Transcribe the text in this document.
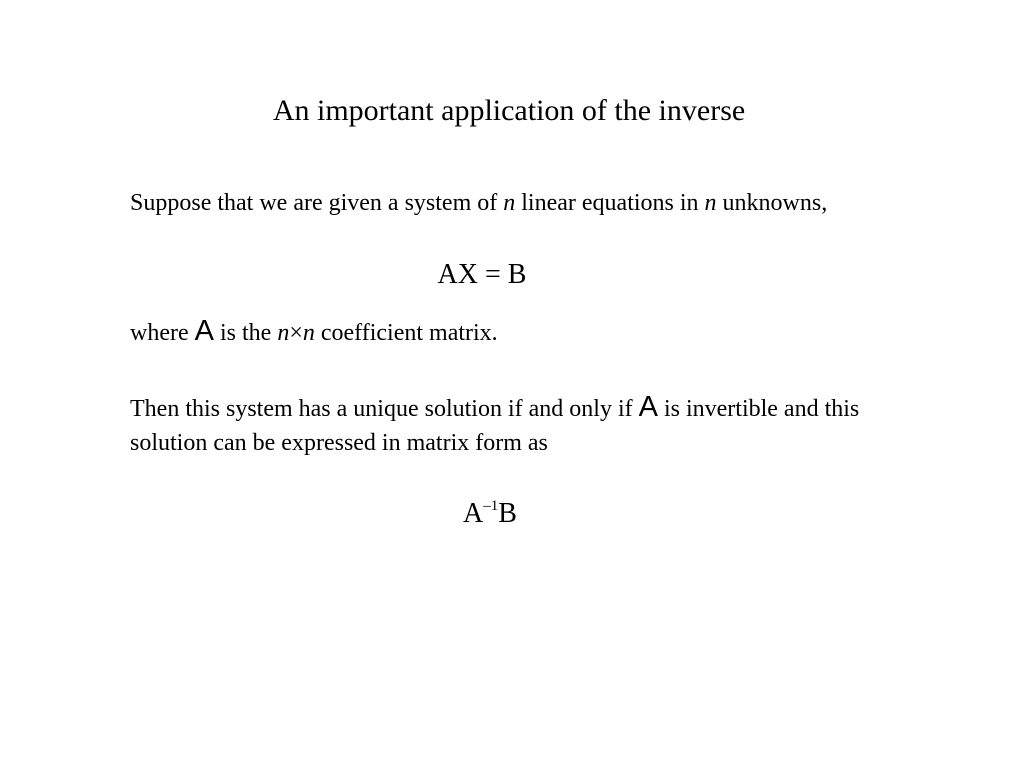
An important application of the inverse
Suppose that we are given a system of n linear equations in n unknowns,
AX = B
where A is the n×n coefficient matrix.
Then this system has a unique solution if and only if A is invertible and this solution can be expressed in matrix form as
$A^{-1}B$
